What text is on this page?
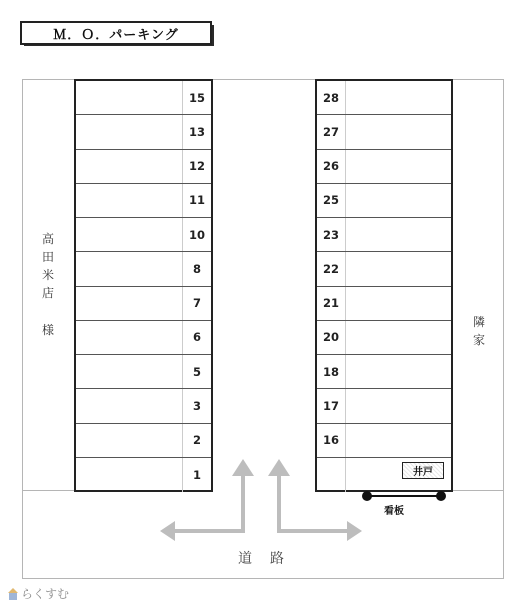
Ｍ．Ｏ．パーキング
15
13
12
11
10
8
7
6
5
3
2
1
28
27
26
25
23
22
21
20
18
17
16
高田米店
様
隣家
井戸
看板
道路
らくすむ
